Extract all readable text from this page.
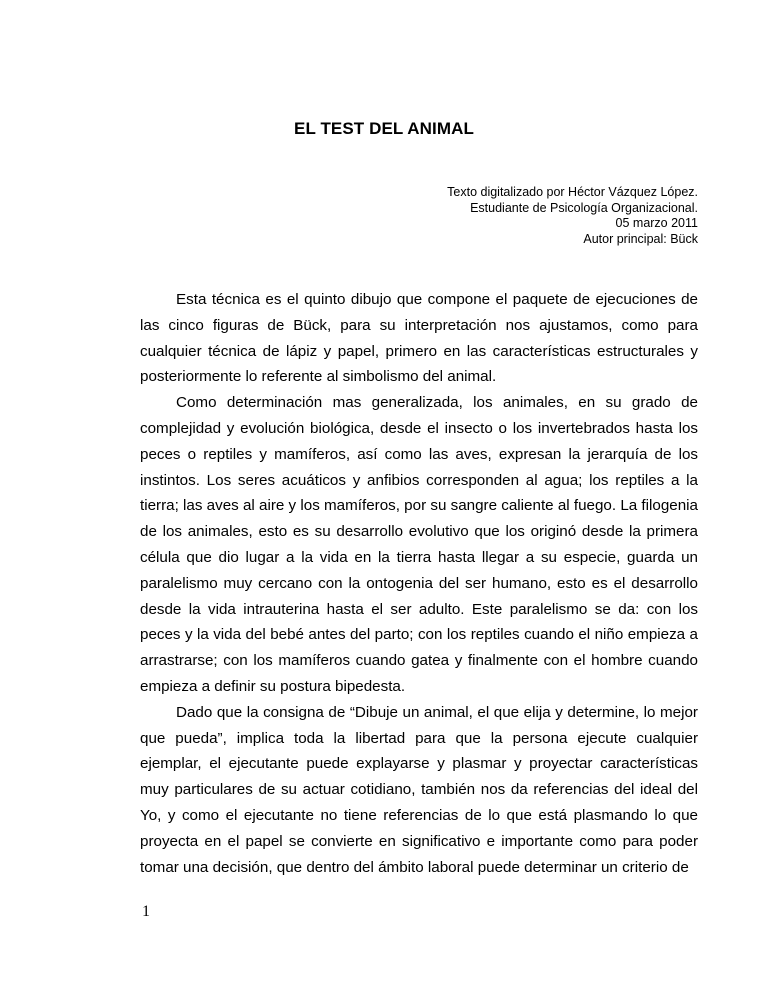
EL TEST DEL ANIMAL
Texto digitalizado por Héctor Vázquez López.
Estudiante de Psicología Organizacional.
05 marzo 2011
Autor principal: Bück

Esta técnica es el quinto dibujo que compone el paquete de ejecuciones de las cinco figuras de Bück, para su interpretación nos ajustamos, como para cualquier técnica de lápiz y papel, primero en las características estructurales y posteriormente lo referente al simbolismo del animal.

Como determinación mas generalizada, los animales, en su grado de complejidad y evolución biológica, desde el insecto o los invertebrados hasta los peces o reptiles y mamíferos, así como las aves, expresan la jerarquía de los instintos. Los seres acuáticos y anfibios corresponden al agua; los reptiles a la tierra; las aves al aire y los mamíferos, por su sangre caliente al fuego. La filogenia de los animales, esto es su desarrollo evolutivo que los originó desde la primera célula que dio lugar a la vida en la tierra hasta llegar a su especie, guarda un paralelismo muy cercano con la ontogenia del ser humano, esto es el desarrollo desde la vida intrauterina hasta el ser adulto. Este paralelismo se da: con los peces y la vida del bebé antes del parto; con los reptiles cuando el niño empieza a arrastrarse; con los mamíferos cuando gatea y finalmente con el hombre cuando empieza a definir su postura bipedesta.

Dado que la consigna de “Dibuje un animal, el que elija y determine, lo mejor que pueda”, implica toda la libertad para que la persona ejecute cualquier ejemplar, el ejecutante puede explayarse y plasmar y proyectar características muy particulares de su actuar cotidiano, también nos da referencias del ideal del Yo, y como el ejecutante no tiene referencias de lo que está plasmando lo que proyecta en el papel se convierte en significativo e importante como para poder tomar una decisión, que dentro del ámbito laboral puede determinar un criterio de

1
